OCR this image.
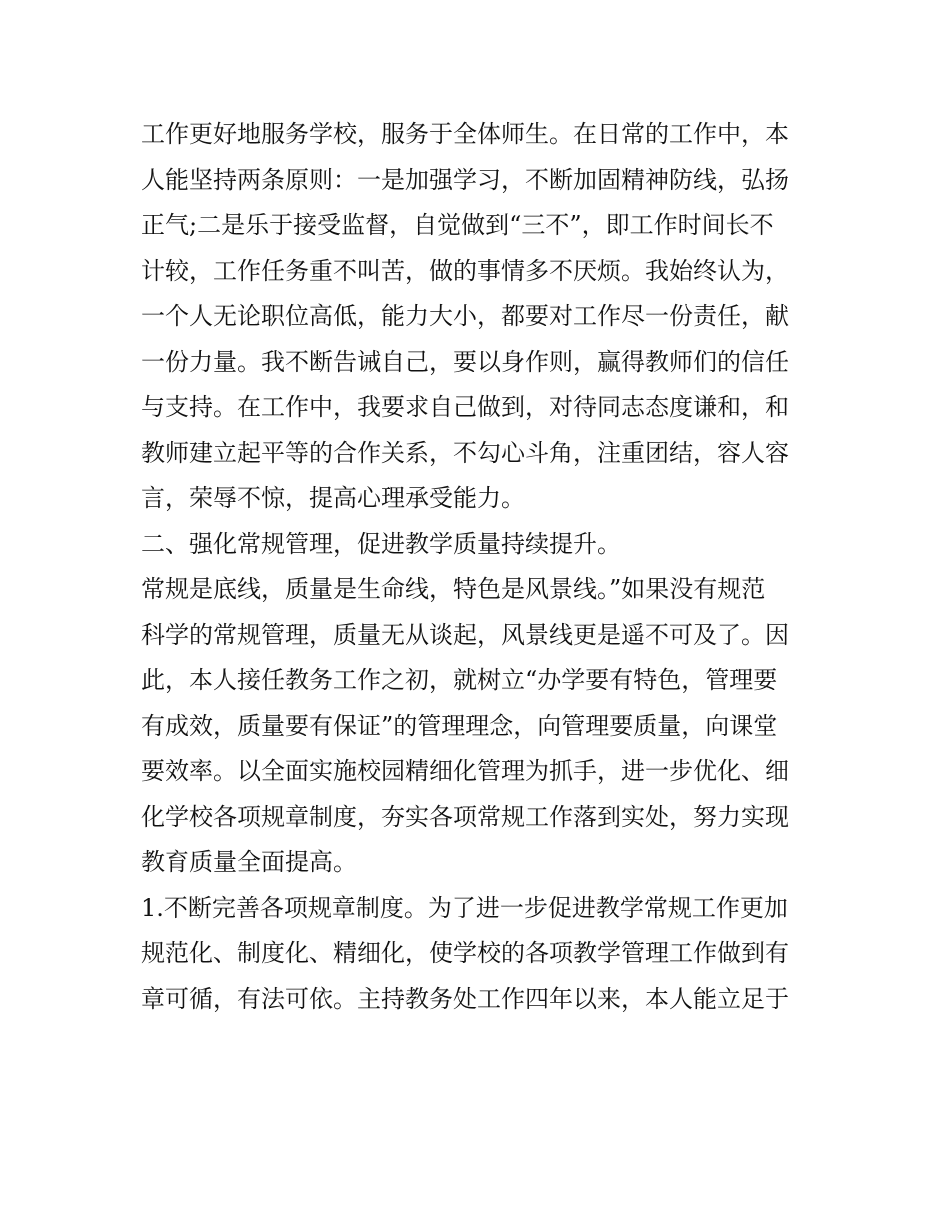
工作更好地服务学校，服务于全体师生。在日常的工作中，本
人能坚持两条原则：一是加强学习，不断加固精神防线，弘扬
正气;二是乐于接受监督，自觉做到“三不”，即工作时间长不
计较，工作任务重不叫苦，做的事情多不厌烦。我始终认为，
一个人无论职位高低，能力大小，都要对工作尽一份责任，献
一份力量。我不断告诫自己，要以身作则，赢得教师们的信任
与支持。在工作中，我要求自己做到，对待同志态度谦和，和
教师建立起平等的合作关系，不勾心斗角，注重团结，容人容
言，荣辱不惊，提高心理承受能力。
二、强化常规管理，促进教学质量持续提升。
常规是底线，质量是生命线，特色是风景线。”如果没有规范
科学的常规管理，质量无从谈起，风景线更是遥不可及了。因
此，本人接任教务工作之初，就树立“办学要有特色，管理要
有成效，质量要有保证”的管理理念，向管理要质量，向课堂
要效率。以全面实施校园精细化管理为抓手，进一步优化、细
化学校各项规章制度，夯实各项常规工作落到实处，努力实现
教育质量全面提高。
1.不断完善各项规章制度。为了进一步促进教学常规工作更加
规范化、制度化、精细化，使学校的各项教学管理工作做到有
章可循，有法可依。主持教务处工作四年以来，本人能立足于
